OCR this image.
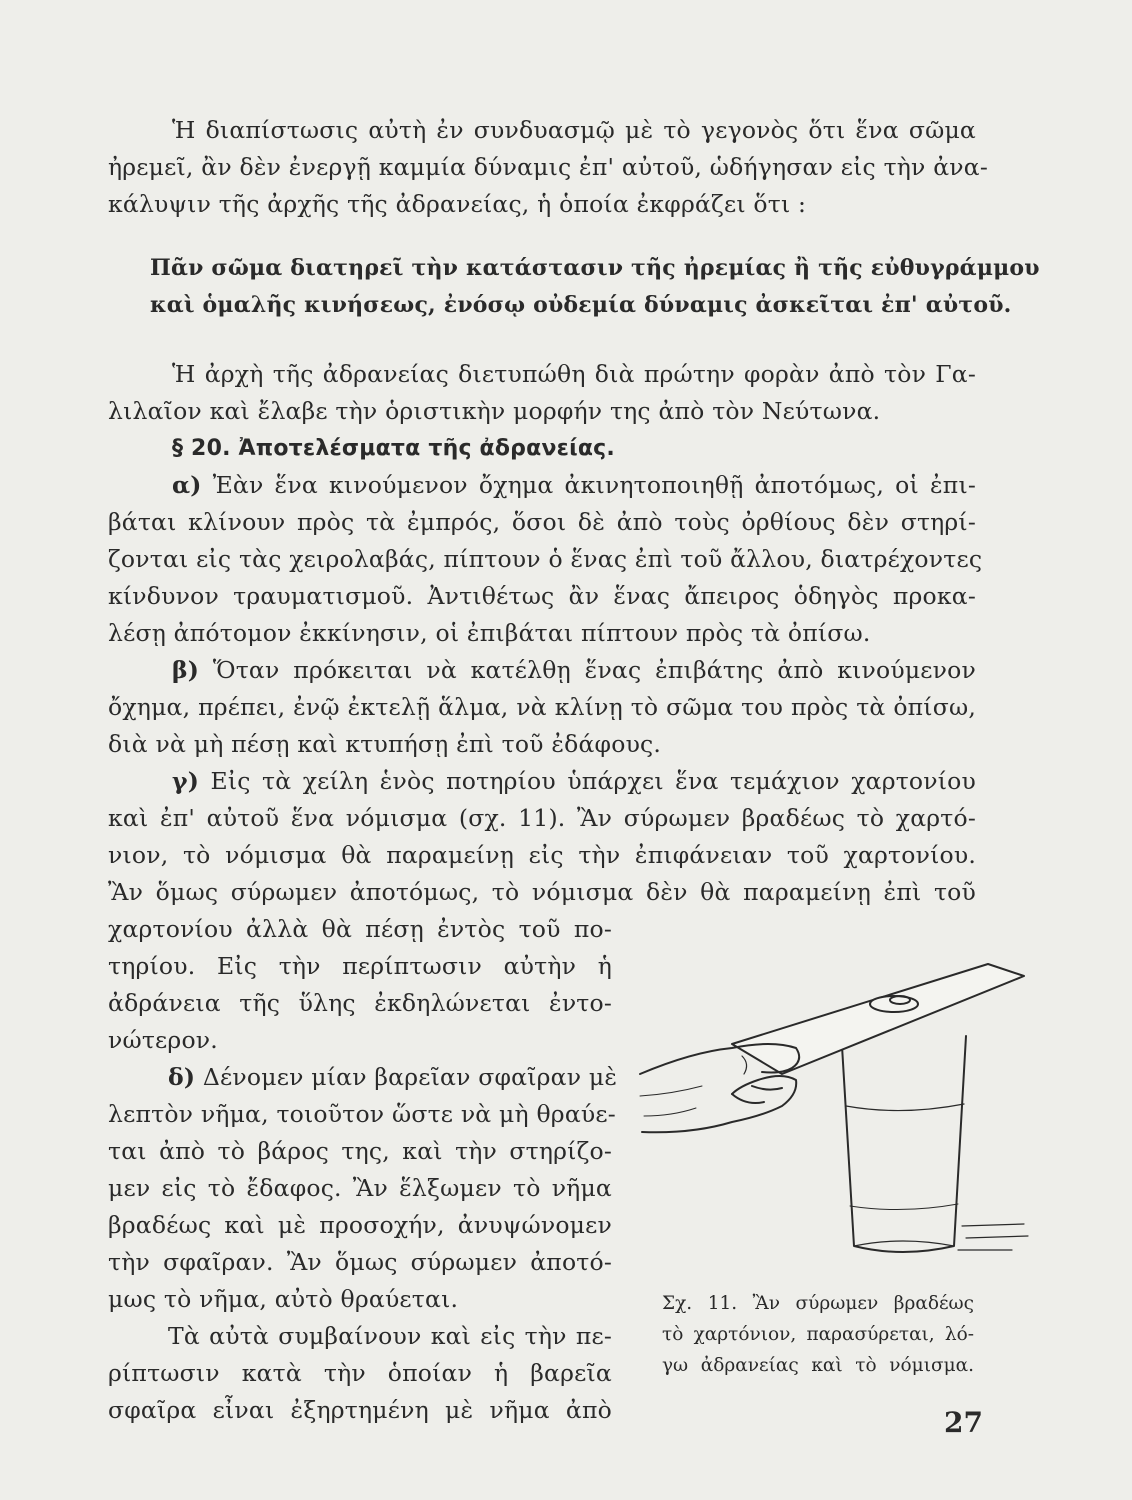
Ἡ διαπίστωσις αὐτὴ ἐν συνδυασμῷ μὲ τὸ γεγονὸς ὅτι ἕνα σῶμα
ἠρεμεῖ, ἂν δὲν ἐνεργῇ καμμία δύναμις ἐπ' αὐτοῦ, ὡδήγησαν εἰς τὴν ἀνα-
κάλυψιν τῆς ἀρχῆς τῆς ἀδρανείας, ἡ ὁποία ἐκφράζει ὅτι :
Πᾶν σῶμα διατηρεῖ τὴν κατάστασιν τῆς ἠρεμίας ἢ τῆς εὐθυγράμμου
καὶ ὁμαλῆς κινήσεως, ἐνόσῳ οὐδεμία δύναμις ἀσκεῖται ἐπ' αὐτοῦ.
Ἡ ἀρχὴ τῆς ἀδρανείας διετυπώθη διὰ πρώτην φορὰν ἀπὸ τὸν Γα-
λιλαῖον καὶ ἔλαβε τὴν ὁριστικὴν μορφήν της ἀπὸ τὸν Νεύτωνα.
§ 20. Ἀποτελέσματα τῆς ἀδρανείας.
α) Ἐὰν ἕνα κινούμενον ὄχημα ἀκινητοποιηθῇ ἀποτόμως, οἱ ἐπι-
βάται κλίνουν πρὸς τὰ ἐμπρός, ὅσοι δὲ ἀπὸ τοὺς ὀρθίους δὲν στηρί-
ζονται εἰς τὰς χειρολαβάς, πίπτουν ὁ ἕνας ἐπὶ τοῦ ἄλλου, διατρέχοντες
κίνδυνον τραυματισμοῦ. Ἀντιθέτως ἂν ἕνας ἄπειρος ὁδηγὸς προκα-
λέσῃ ἀπότομον ἐκκίνησιν, οἱ ἐπιβάται πίπτουν πρὸς τὰ ὀπίσω.
β) Ὅταν πρόκειται νὰ κατέλθῃ ἕνας ἐπιβάτης ἀπὸ κινούμενον
ὄχημα, πρέπει, ἐνῷ ἐκτελῇ ἅλμα, νὰ κλίνῃ τὸ σῶμα του πρὸς τὰ ὀπίσω,
διὰ νὰ μὴ πέσῃ καὶ κτυπήσῃ ἐπὶ τοῦ ἐδάφους.
γ) Εἰς τὰ χείλη ἑνὸς ποτηρίου ὑπάρχει ἕνα τεμάχιον χαρτονίου
καὶ ἐπ' αὐτοῦ ἕνα νόμισμα (σχ. 11). Ἂν σύρωμεν βραδέως τὸ χαρτό-
νιον, τὸ νόμισμα θὰ παραμείνῃ εἰς τὴν ἐπιφάνειαν τοῦ χαρτονίου.
Ἂν ὅμως σύρωμεν ἀποτόμως, τὸ νόμισμα δὲν θὰ παραμείνῃ ἐπὶ τοῦ
χαρτονίου ἀλλὰ θὰ πέσῃ ἐντὸς τοῦ πο-
τηρίου. Εἰς τὴν περίπτωσιν αὐτὴν ἡ
ἀδράνεια τῆς ὕλης ἐκδηλώνεται ἐντο-
νώτερον.
δ) Δένομεν μίαν βαρεῖαν σφαῖραν μὲ
λεπτὸν νῆμα, τοιοῦτον ὥστε νὰ μὴ θραύε-
ται ἀπὸ τὸ βάρος της, καὶ τὴν στηρίζο-
μεν εἰς τὸ ἔδαφος. Ἂν ἕλξωμεν τὸ νῆμα
βραδέως καὶ μὲ προσοχήν, ἀνυψώνομεν
τὴν σφαῖραν. Ἂν ὅμως σύρωμεν ἀποτό-
μως τὸ νῆμα, αὐτὸ θραύεται.
Τὰ αὐτὰ συμβαίνουν καὶ εἰς τὴν πε-
ρίπτωσιν κατὰ τὴν ὁποίαν ἡ βαρεῖα
σφαῖρα εἶναι ἐξηρτημένη μὲ νῆμα ἀπὸ
Σχ. 11. Ἂν σύρωμεν βραδέως
τὸ χαρτόνιον, παρασύρεται, λό-
γω ἀδρανείας καὶ τὸ νόμισμα.
27
